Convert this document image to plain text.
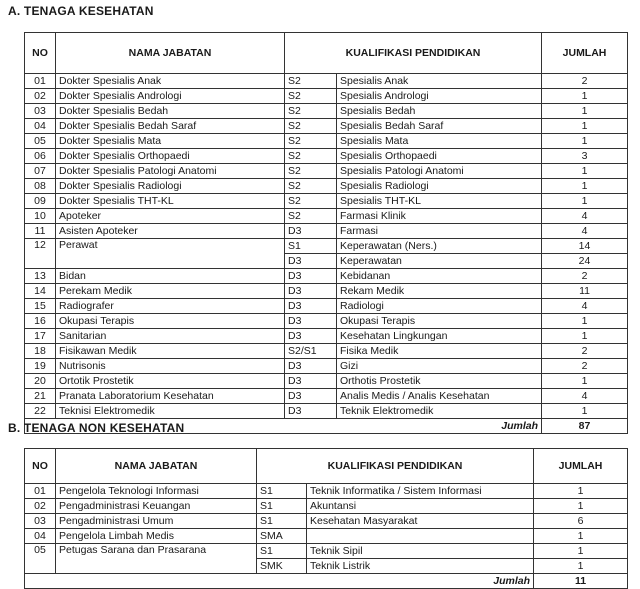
A. TENAGA KESEHATAN
NO	NAMA JABATAN	KUALIFIKASI PENDIDIKAN		JUMLAH
01	Dokter Spesialis Anak	S2	Spesialis Anak	2
02	Dokter Spesialis Andrologi	S2	Spesialis Andrologi	1
03	Dokter Spesialis Bedah	S2	Spesialis Bedah	1
04	Dokter Spesialis Bedah Saraf	S2	Spesialis Bedah Saraf	1
05	Dokter Spesialis Mata	S2	Spesialis Mata	1
06	Dokter Spesialis Orthopaedi	S2	Spesialis Orthopaedi	3
07	Dokter Spesialis Patologi Anatomi	S2	Spesialis Patologi Anatomi	1
08	Dokter Spesialis Radiologi	S2	Spesialis Radiologi	1
09	Dokter Spesialis THT-KL	S2	Spesialis THT-KL	1
10	Apoteker	S2	Farmasi Klinik	4
11	Asisten Apoteker	D3	Farmasi	4
12	Perawat	S1	Keperawatan (Ners.)	14
		D3	Keperawatan	24
13	Bidan	D3	Kebidanan	2
14	Perekam Medik	D3	Rekam Medik	11
15	Radiografer	D3	Radiologi	4
16	Okupasi Terapis	D3	Okupasi Terapis	1
17	Sanitarian	D3	Kesehatan Lingkungan	1
18	Fisikawan Medik	S2/S1	Fisika Medik	2
19	Nutrisonis	D3	Gizi	2
20	Ortotik Prostetik	D3	Orthotis Prostetik	1
21	Pranata Laboratorium Kesehatan	D3	Analis Medis / Analis Kesehatan	4
22	Teknisi Elektromedik	D3	Teknik Elektromedik	1
Jumlah				87
B. TENAGA NON KESEHATAN
NO	NAMA JABATAN	KUALIFIKASI PENDIDIKAN		JUMLAH
01	Pengelola Teknologi Informasi	S1	Teknik Informatika / Sistem Informasi	1
02	Pengadministrasi Keuangan	S1	Akuntansi	1
03	Pengadministrasi Umum	S1	Kesehatan Masyarakat	6
04	Pengelola Limbah Medis	SMA		1
05	Petugas Sarana dan Prasarana	S1	Teknik Sipil	1
		SMK	Teknik Listrik	1
Jumlah				11
